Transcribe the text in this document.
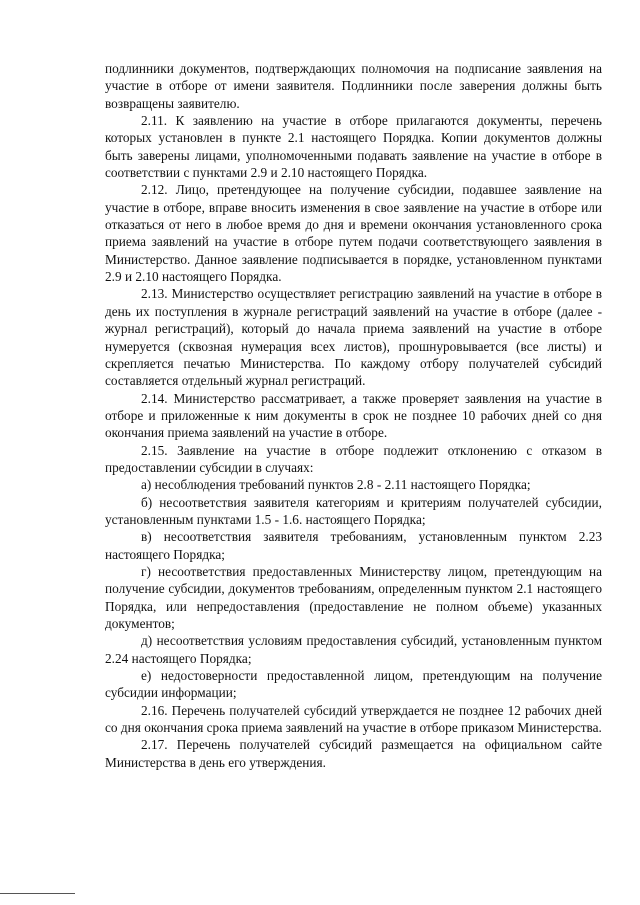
подлинники документов, подтверждающих полномочия на подписание заявления на участие в отборе от имени заявителя. Подлинники после заверения должны быть возвращены заявителю.

2.11. К заявлению на участие в отборе прилагаются документы, перечень которых установлен в пункте 2.1 настоящего Порядка. Копии документов должны быть заверены лицами, уполномоченными подавать заявление на участие в отборе в соответствии с пунктами 2.9 и 2.10 настоящего Порядка.

2.12. Лицо, претендующее на получение субсидии, подавшее заявление на участие в отборе, вправе вносить изменения в свое заявление на участие в отборе или отказаться от него в любое время до дня и времени окончания установленного срока приема заявлений на участие в отборе путем подачи соответствующего заявления в Министерство. Данное заявление подписывается в порядке, установленном пунктами 2.9 и 2.10 настоящего Порядка.

2.13. Министерство осуществляет регистрацию заявлений на участие в отборе в день их поступления в журнале регистраций заявлений на участие в отборе (далее - журнал регистраций), который до начала приема заявлений на участие в отборе нумеруется (сквозная нумерация всех листов), прошнуровывается (все листы) и скрепляется печатью Министерства. По каждому отбору получателей субсидий составляется отдельный журнал регистраций.

2.14. Министерство рассматривает, а также проверяет заявления на участие в отборе и приложенные к ним документы в срок не позднее 10 рабочих дней со дня окончания приема заявлений на участие в отборе.

2.15. Заявление на участие в отборе подлежит отклонению с отказом в предоставлении субсидии в случаях:

а) несоблюдения требований пунктов 2.8 - 2.11 настоящего Порядка;

б) несоответствия заявителя категориям и критериям получателей субсидии, установленным пунктами 1.5 - 1.6. настоящего Порядка;

в) несоответствия заявителя требованиям, установленным пунктом 2.23 настоящего Порядка;

г) несоответствия предоставленных Министерству лицом, претендующим на получение субсидии, документов требованиям, определенным пунктом 2.1 настоящего Порядка, или непредоставления (предоставление не полном объеме) указанных документов;

д) несоответствия условиям предоставления субсидий, установленным пунктом 2.24 настоящего Порядка;

е) недостоверности предоставленной лицом, претендующим на получение субсидии информации;

2.16. Перечень получателей субсидий утверждается не позднее 12 рабочих дней со дня окончания срока приема заявлений на участие в отборе приказом Министерства.

2.17. Перечень получателей субсидий размещается на официальном сайте Министерства в день его утверждения.
